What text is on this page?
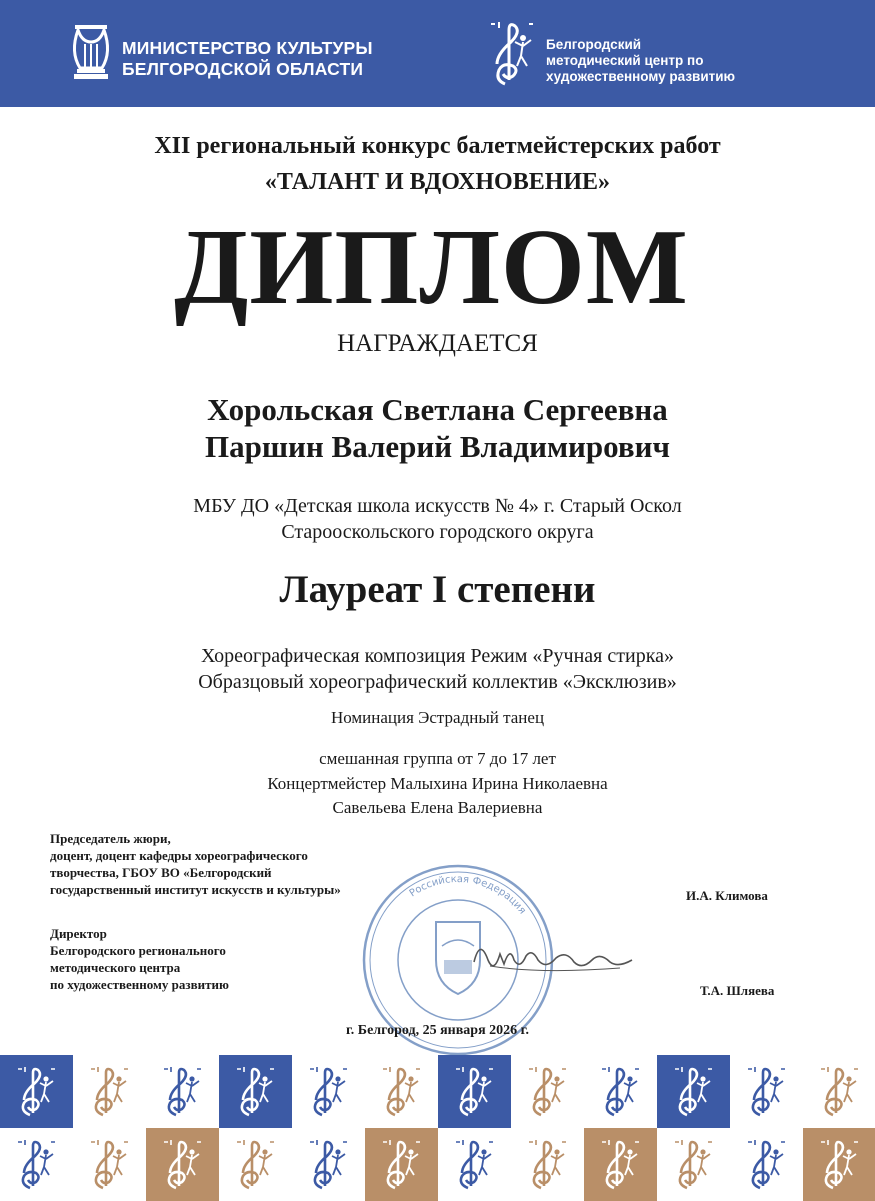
МИНИСТЕРСТВО КУЛЬТУРЫ
БЕЛГОРОДСКОЙ ОБЛАСТИ
Белгородский
методический центр по
художественному развитию
XII региональный конкурс балетмейстерских работ
«ТАЛАНТ И ВДОХНОВЕНИЕ»
ДИПЛОМ
НАГРАЖДАЕТСЯ
Хорольская Светлана Сергеевна
Паршин Валерий Владимирович
МБУ ДО «Детская школа искусств № 4» г. Старый Оскол
Старооскольского городского округа
Лауреат I степени
Хореографическая композиция Режим «Ручная стирка»
Образцовый хореографический коллектив «Эксклюзив»
Номинация Эстрадный танец
смешанная группа от 7 до 17 лет
Концертмейстер Малыхина Ирина Николаевна
Савельева Елена Валериевна
Российская Федерация
Председатель жюри,
доцент, доцент кафедры хореографического
творчества, ГБОУ ВО «Белгородский
государственный институт искусств и культуры»	И.А. Климова
Директор
Белгородского регионального
методического центра
по художественному развитию	Т.А. Шляева
г. Белгород, 25 января 2026 г.
